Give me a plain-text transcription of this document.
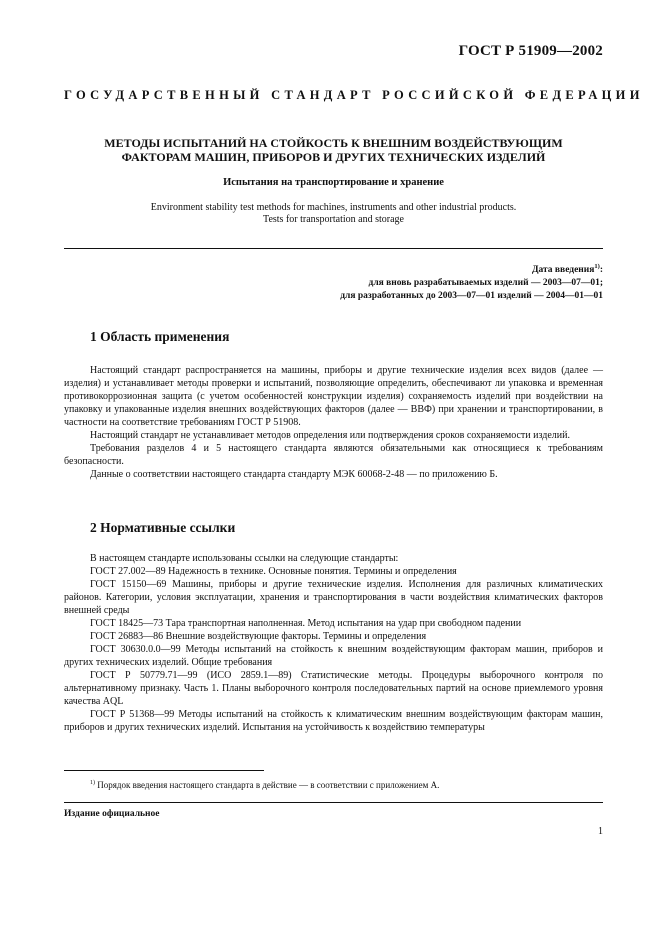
ГОСТ Р 51909—2002
ГОСУДАРСТВЕННЫЙ СТАНДАРТ РОССИЙСКОЙ ФЕДЕРАЦИИ
МЕТОДЫ ИСПЫТАНИЙ НА СТОЙКОСТЬ К ВНЕШНИМ ВОЗДЕЙСТВУЮЩИМ
ФАКТОРАМ МАШИН, ПРИБОРОВ И ДРУГИХ ТЕХНИЧЕСКИХ ИЗДЕЛИЙ
Испытания на транспортирование и хранение
Environment stability test methods for machines, instruments and other industrial products.
Tests for transportation and storage
Дата введения$^{1)}$:
для вновь разрабатываемых изделий — 2003—07—01;
для разработанных до 2003—07—01 изделий — 2004—01—01
1 Область применения

Настоящий стандарт распространяется на машины, приборы и другие технические изделия всех видов (далее — изделия) и устанавливает методы проверки и испытаний, позволяющие определить, обеспечивают ли упаковка и временная противокоррозионная защита (с учетом особенностей конструкции изделия) сохраняемость изделий при воздействии на упаковку и упакованные изделия внешних воздействующих факторов (далее — ВВФ) при хранении и транспортировании, в частности на соответствие требованиям ГОСТ Р 51908.

Настоящий стандарт не устанавливает методов определения или подтверждения сроков сохраняемости изделий.

Требования разделов 4 и 5 настоящего стандарта являются обязательными как относящиеся к требованиям безопасности.

Данные о соответствии настоящего стандарта стандарту МЭК 60068-2-48 — по приложению Б.

2 Нормативные ссылки

В настоящем стандарте использованы ссылки на следующие стандарты:

ГОСТ 27.002—89 Надежность в технике. Основные понятия. Термины и определения

ГОСТ 15150—69 Машины, приборы и другие технические изделия. Исполнения для различных климатических районов. Категории, условия эксплуатации, хранения и транспортирования в части воздействия климатических факторов внешней среды

ГОСТ 18425—73 Тара транспортная наполненная. Метод испытания на удар при свободном падении

ГОСТ 26883—86 Внешние воздействующие факторы. Термины и определения

ГОСТ 30630.0.0—99 Методы испытаний на стойкость к внешним воздействующим факторам машин, приборов и других технических изделий. Общие требования

ГОСТ Р 50779.71—99 (ИСО 2859.1—89) Статистические методы. Процедуры выборочного контроля по альтернативному признаку. Часть 1. Планы выборочного контроля последовательных партий на основе приемлемого уровня качества AQL

ГОСТ Р 51368—99 Методы испытаний на стойкость к климатическим внешним воздействующим факторам машин, приборов и других технических изделий. Испытания на устойчивость к воздействию температуры

$^{1)}$ Порядок введения настоящего стандарта в действие — в соответствии с приложением А.
Издание официальное
1
